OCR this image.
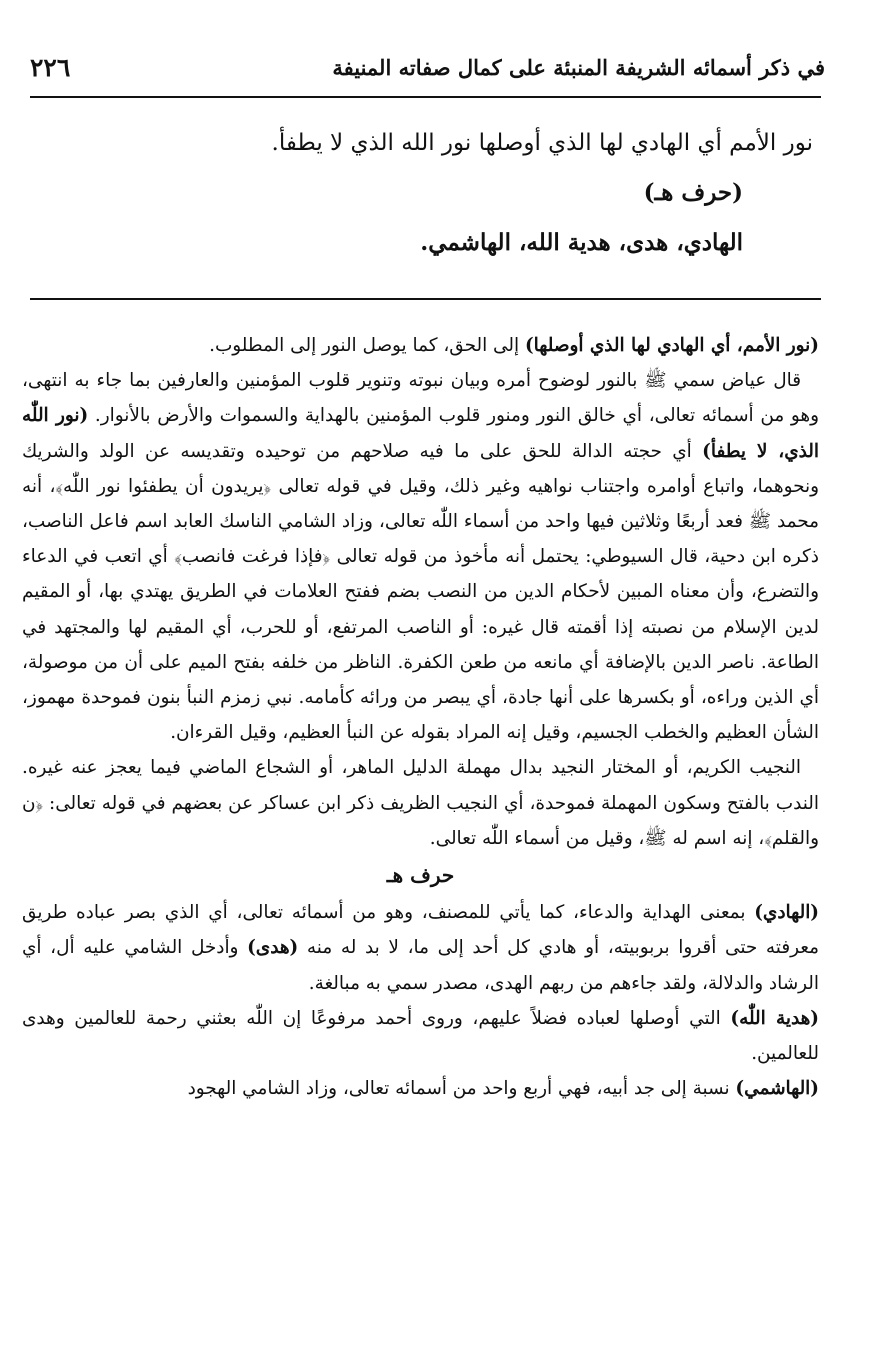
٢٢٦	في ذكر أسمائه الشريفة المنبئة على كمال صفاته المنيفة
نور الأمم أي الهادي لها الذي أوصلها نور الله الذي لا يطفأ.
(حرف هـ)
الهادي، هدى، هدية الله، الهاشمي.

(نور الأمم، أي الهادي لها الذي أوصلها) إلى الحق، كما يوصل النور إلى المطلوب.

قال عياض سمي ﷺ بالنور لوضوح أمره وبيان نبوته وتنوير قلوب المؤمنين والعارفين بما جاء به انتهى، وهو من أسمائه تعالى، أي خالق النور ومنور قلوب المؤمنين بالهداية والسموات والأرض بالأنوار. (نور اللّٰه الذي، لا يطفأ) أي حجته الدالة للحق على ما فيه صلاحهم من توحيده وتقديسه عن الولد والشريك ونحوهما، واتباع أوامره واجتناب نواهيه وغير ذلك، وقيل في قوله تعالى ﴿يريدون أن يطفئوا نور اللّٰه﴾، أنه محمد ﷺ فعد أربعًا وثلاثين فيها واحد من أسماء اللّٰه تعالى، وزاد الشامي الناسك العابد اسم فاعل الناصب، ذكره ابن دحية، قال السيوطي: يحتمل أنه مأخوذ من قوله تعالى ﴿فإذا فرغت فانصب﴾ أي اتعب في الدعاء والتضرع، وأن معناه المبين لأحكام الدين من النصب بضم ففتح العلامات في الطريق يهتدي بها، أو المقيم لدين الإسلام من نصبته إذا أقمته قال غيره: أو الناصب المرتفع، أو للحرب، أي المقيم لها والمجتهد في الطاعة. ناصر الدين بالإضافة أي مانعه من طعن الكفرة. الناظر من خلفه بفتح الميم على أن من موصولة، أي الذين وراءه، أو بكسرها على أنها جادة، أي يبصر من ورائه كأمامه. نبي زمزم النبأ بنون فموحدة مهموز، الشأن العظيم والخطب الجسيم، وقيل إنه المراد بقوله عن النبأ العظيم، وقيل القرءان.

النجيب الكريم، أو المختار النجيد بدال مهملة الدليل الماهر، أو الشجاع الماضي فيما يعجز عنه غيره. الندب بالفتح وسكون المهملة فموحدة، أي النجيب الظريف ذكر ابن عساكر عن بعضهم في قوله تعالى: ﴿ن والقلم﴾، إنه اسم له ﷺ، وقيل من أسماء اللّٰه تعالى.

حرف هـ

(الهادي) بمعنى الهداية والدعاء، كما يأتي للمصنف، وهو من أسمائه تعالى، أي الذي بصر عباده طريق معرفته حتى أقروا بربوبيته، أو هادي كل أحد إلى ما، لا بد له منه (هدى) وأدخل الشامي عليه أل، أي الرشاد والدلالة، ولقد جاءهم من ربهم الهدى، مصدر سمي به مبالغة.

(هدية اللّٰه) التي أوصلها لعباده فضلاً عليهم، وروى أحمد مرفوعًا إن اللّٰه بعثني رحمة للعالمين وهدى للعالمين.

(الهاشمي) نسبة إلى جد أبيه، فهي أربع واحد من أسمائه تعالى، وزاد الشامي الهجود
